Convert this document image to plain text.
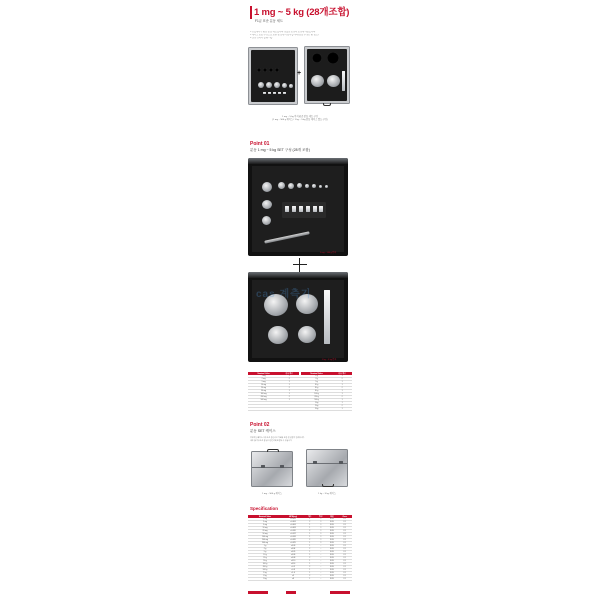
1 mg ~ 5 kg (28개조합)
F1급 표준 분동 세트
1.산업계측기 표준 분동 세트입니다 정밀한 보정과 교정에 사용합니다
2.케이스 포함 구성으로 보관 및 운반이 용이합니다 (분동 구성은 표 참고)
3.교정 성적서 발행 가능
+
1 mg ~ 5 kg 까지 표준 분동 세트 구성
(1 mg ~ 500 g 케이스 / 1 kg ~ 5 kg 분동 케이스 별도 구성)
Point 01
분동 1 mg ~ 5 kg SET 구성 (28개 조합)
1 mg ~ 500 g 분동
cas 계측기
1 kg ~ 5 kg 분동
Nominal Value	분동 개수		Nominal Value	분동 개수
1 mg	1		1 g	1
2 mg	2		2 g	2
5 mg	1		5 g	1
10 mg	1		10 g	1
20 mg	2		20 g	2
50 mg	1		50 g	1
100 mg	1		100 g	1
200 mg	2		200 g	2
500 mg	1		500 g	1
			1 kg	1
			2 kg	2
			5 kg	1
Point 02
분동 SET 케이스
알루미늄 케이스 사용으로 튼튼하고 가벼워 보관 및 운반이 편리합니다
내부 폼 가공으로 분동을 안전하게 보관할 수 있습니다
1 mg ~ 500 g 케이스	1 kg ~ 5 kg 케이스
Specification
Nominal Value	MPE(mg)	개수	형상	재질	Class
1 mg	±0.006	1	□	SUS	F1
2 mg	±0.006	2	□	SUS	F1
5 mg	±0.006	1	□	SUS	F1
10 mg	±0.008	1	□	SUS	F1
20 mg	±0.010	2	□	SUS	F1
50 mg	±0.012	1	□	SUS	F1
100 mg	±0.016	1	□	SUS	F1
200 mg	±0.020	2	□	SUS	F1
500 mg	±0.025	1	□	SUS	F1
1 g	±0.03	1	○	SUS	F1
2 g	±0.04	2	○	SUS	F1
5 g	±0.05	1	○	SUS	F1
10 g	±0.06	1	○	SUS	F1
20 g	±0.08	2	○	SUS	F1
50 g	±0.10	1	○	SUS	F1
100 g	±0.16	1	○	SUS	F1
200 g	±0.3	2	○	SUS	F1
500 g	±0.8	1	○	SUS	F1
1 kg	±1.6	1	○	SUS	F1
2 kg	±3	2	○	SUS	F1
5 kg	±8	1	○	SUS	F1
